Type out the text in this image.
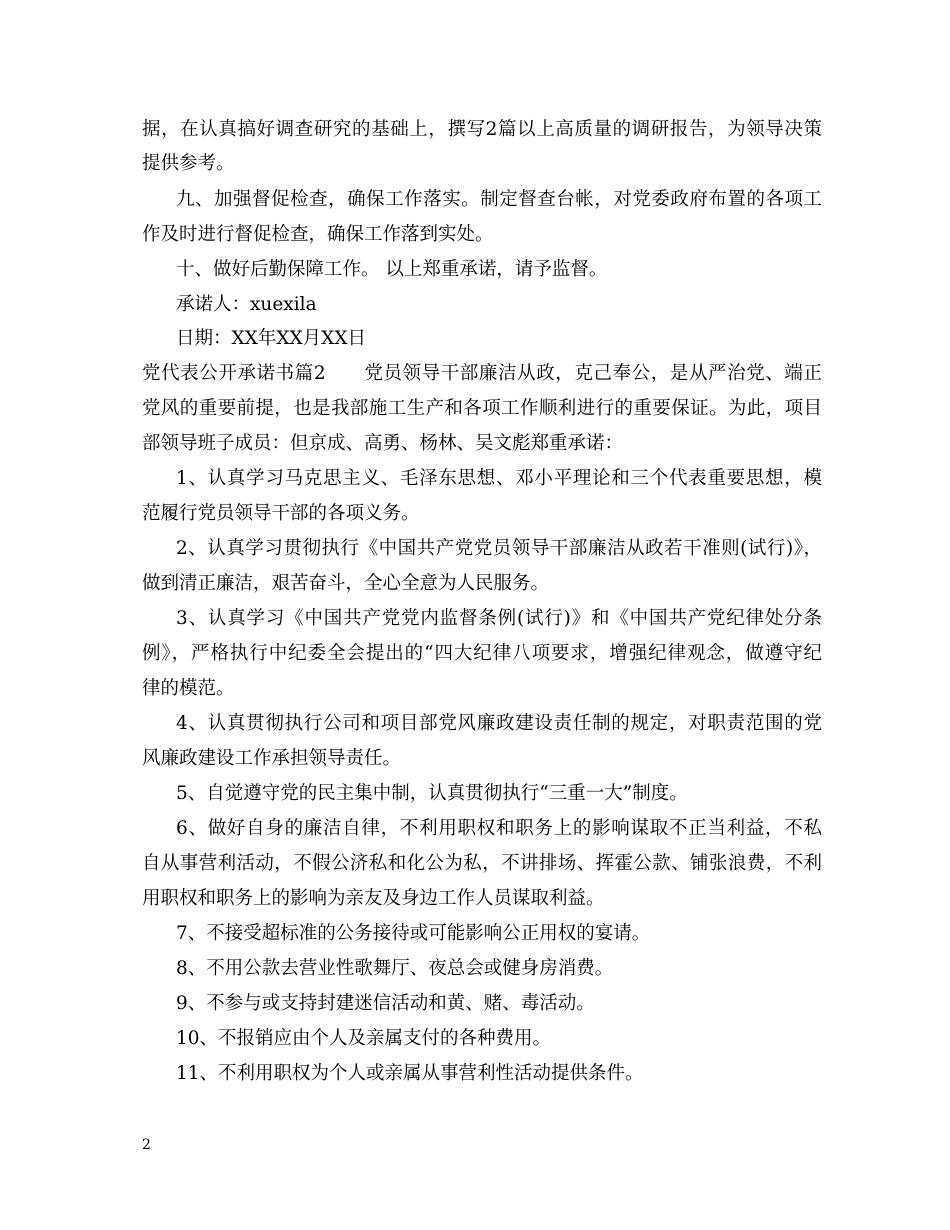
据，在认真搞好调查研究的基础上，撰写2篇以上高质量的调研报告，为领导决策
提供参考。
九、加强督促检查，确保工作落实。制定督查台帐，对党委政府布置的各项工
作及时进行督促检查，确保工作落到实处。
十、做好后勤保障工作。 以上郑重承诺，请予监督。
承诺人：xuexila
日期：XX年XX月XX日
党代表公开承诺书篇2　　党员领导干部廉洁从政，克己奉公，是从严治党、端正
党风的重要前提，也是我部施工生产和各项工作顺利进行的重要保证。为此，项目
部领导班子成员：但京成、高勇、杨林、吴文彪郑重承诺：
1、认真学习马克思主义、毛泽东思想、邓小平理论和三个代表重要思想，模
范履行党员领导干部的各项义务。
2、认真学习贯彻执行《中国共产党党员领导干部廉洁从政若干准则(试行)》，
做到清正廉洁，艰苦奋斗，全心全意为人民服务。
3、认真学习《中国共产党党内监督条例(试行)》和《中国共产党纪律处分条
例》，严格执行中纪委全会提出的“四大纪律八项要求，增强纪律观念，做遵守纪
律的模范。
4、认真贯彻执行公司和项目部党风廉政建设责任制的规定，对职责范围的党
风廉政建设工作承担领导责任。
5、自觉遵守党的民主集中制，认真贯彻执行“三重一大”制度。
6、做好自身的廉洁自律，不利用职权和职务上的影响谋取不正当利益，不私
自从事营利活动，不假公济私和化公为私，不讲排场、挥霍公款、铺张浪费，不利
用职权和职务上的影响为亲友及身边工作人员谋取利益。
7、不接受超标准的公务接待或可能影响公正用权的宴请。
8、不用公款去营业性歌舞厅、夜总会或健身房消费。
9、不参与或支持封建迷信活动和黄、赌、毒活动。
10、不报销应由个人及亲属支付的各种费用。
11、不利用职权为个人或亲属从事营利性活动提供条件。
2
